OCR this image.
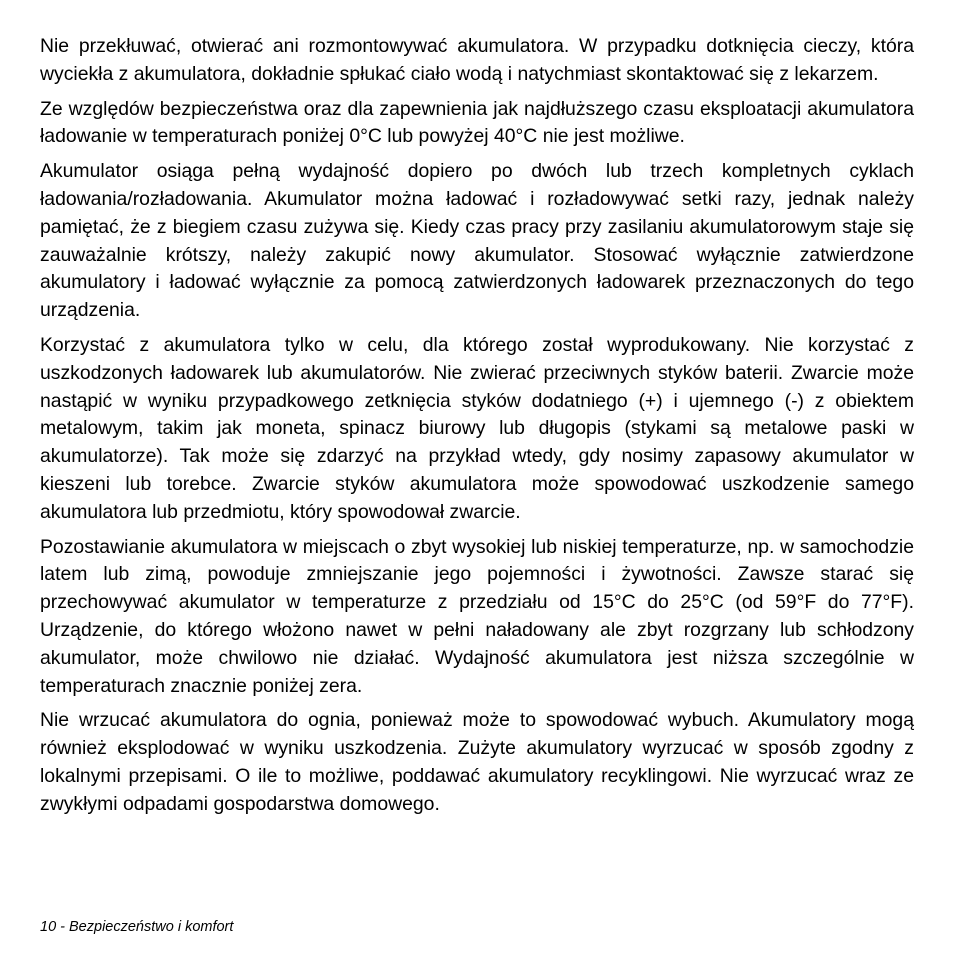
Nie przekłuwać, otwierać ani rozmontowywać akumulatora. W przypadku dotknięcia cieczy, która wyciekła z akumulatora, dokładnie spłukać ciało wodą i natychmiast skontaktować się z lekarzem.

Ze względów bezpieczeństwa oraz dla zapewnienia jak najdłuższego czasu eksploatacji akumulatora ładowanie w temperaturach poniżej 0°C lub powyżej 40°C nie jest możliwe.

Akumulator osiąga pełną wydajność dopiero po dwóch lub trzech kompletnych cyklach ładowania/rozładowania. Akumulator można ładować i rozładowywać setki razy, jednak należy pamiętać, że z biegiem czasu zużywa się. Kiedy czas pracy przy zasilaniu akumulatorowym staje się zauważalnie krótszy, należy zakupić nowy akumulator. Stosować wyłącznie zatwierdzone akumulatory i ładować wyłącznie za pomocą zatwierdzonych ładowarek przeznaczonych do tego urządzenia.

Korzystać z akumulatora tylko w celu, dla którego został wyprodukowany. Nie korzystać z uszkodzonych ładowarek lub akumulatorów. Nie zwierać przeciwnych styków baterii. Zwarcie może nastąpić w wyniku przypadkowego zetknięcia styków dodatniego (+) i ujemnego (-) z obiektem metalowym, takim jak moneta, spinacz biurowy lub długopis (stykami są metalowe paski w akumulatorze). Tak może się zdarzyć na przykład wtedy, gdy nosimy zapasowy akumulator w kieszeni lub torebce. Zwarcie styków akumulatora może spowodować uszkodzenie samego akumulatora lub przedmiotu, który spowodował zwarcie.

Pozostawianie akumulatora w miejscach o zbyt wysokiej lub niskiej temperaturze, np. w samochodzie latem lub zimą, powoduje zmniejszanie jego pojemności i żywotności. Zawsze starać się przechowywać akumulator w temperaturze z przedziału od 15°C do 25°C (od 59°F do 77°F). Urządzenie, do którego włożono nawet w pełni naładowany ale zbyt rozgrzany lub schłodzony akumulator, może chwilowo nie działać. Wydajność akumulatora jest niższa szczególnie w temperaturach znacznie poniżej zera.

Nie wrzucać akumulatora do ognia, ponieważ może to spowodować wybuch. Akumulatory mogą również eksplodować w wyniku uszkodzenia. Zużyte akumulatory wyrzucać w sposób zgodny z lokalnymi przepisami. O ile to możliwe, poddawać akumulatory recyklingowi. Nie wyrzucać wraz ze zwykłymi odpadami gospodarstwa domowego.

10 - Bezpieczeństwo i komfort
